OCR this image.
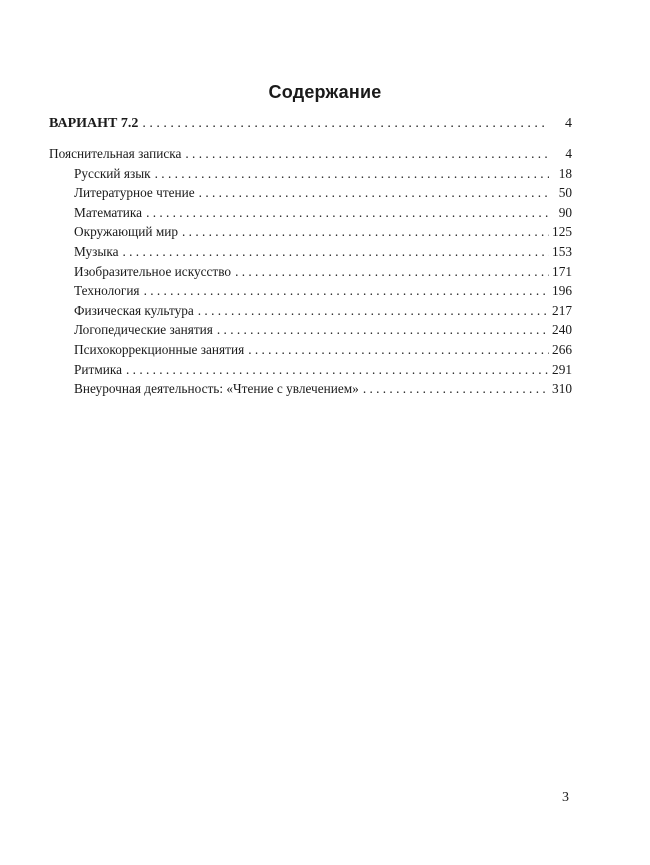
Содержание
ВАРИАНТ 7.2 . . .	4
Пояснительная записка . . .	4
Русский язык . . .	18
Литературное чтение . . .	50
Математика . . .	90
Окружающий мир . . .	125
Музыка . . .	153
Изобразительное искусство . . .	171
Технология . . .	196
Физическая культура . . .	217
Логопедические занятия . . .	240
Психокоррекционные занятия . . .	266
Ритмика . . .	291
Внеурочная деятельность: «Чтение с увлечением» . . .	310

3
